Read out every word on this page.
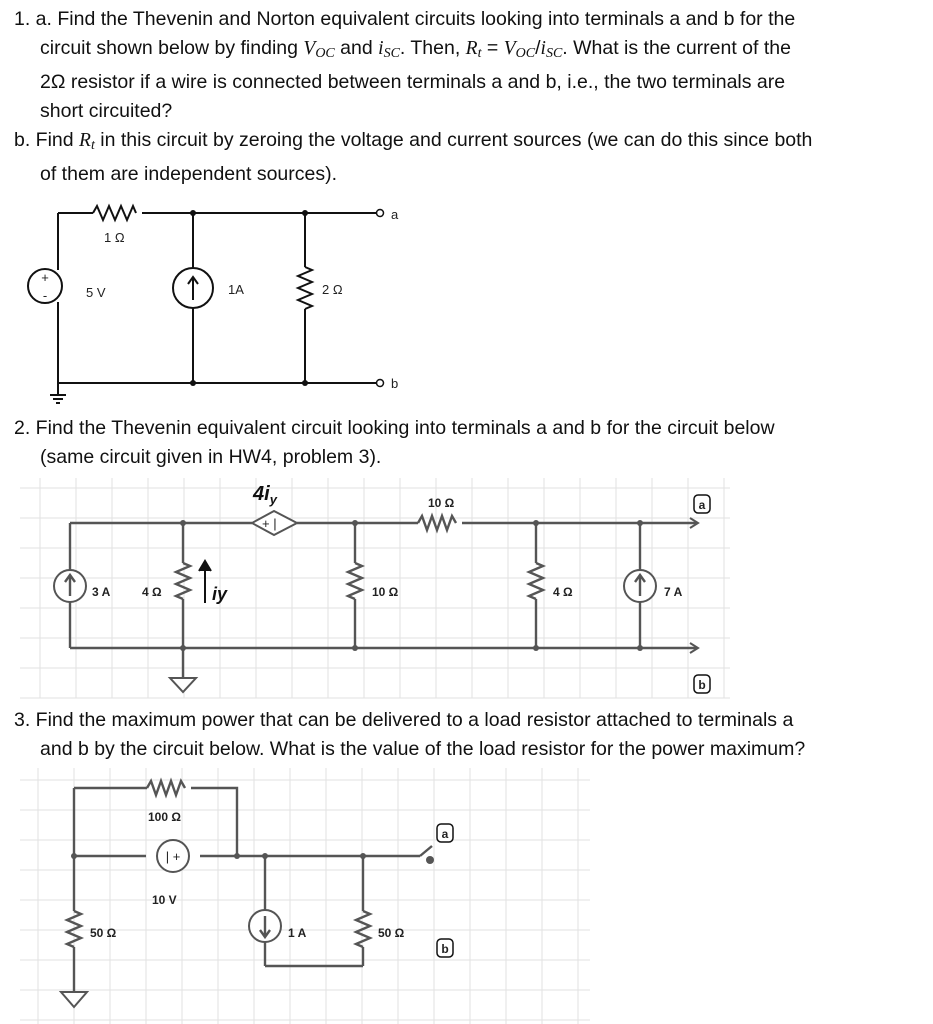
1. a. Find the Thevenin and Norton equivalent circuits looking into terminals a and b for the
circuit shown below by finding $V_{OC}$ and $i_{SC}$. Then, $R_t = V_{OC}/i_{SC}$. What is the current of the
2Ω resistor if a wire is connected between terminals a and b, i.e., the two terminals are
short circuited?
b. Find $R_t$ in this circuit by zeroing the voltage and current sources (we can do this since both
of them are independent sources).
+
-
1 Ω
5 V	1A	2 Ω
a
b
2. Find the Thevenin equivalent circuit looking into terminals a and b for the circuit below
(same circuit given in HW4, problem 3).
+ |
$4i_y$
iy
a
b
10 Ω
3 A	4 Ω	10 Ω	4 Ω	7 A
3. Find the maximum power that can be delivered to a load resistor attached to terminals a
and b by the circuit below. What is the value of the load resistor for the power maximum?
| +
a
b
100 Ω
10 V
50 Ω	1 A	50 Ω
